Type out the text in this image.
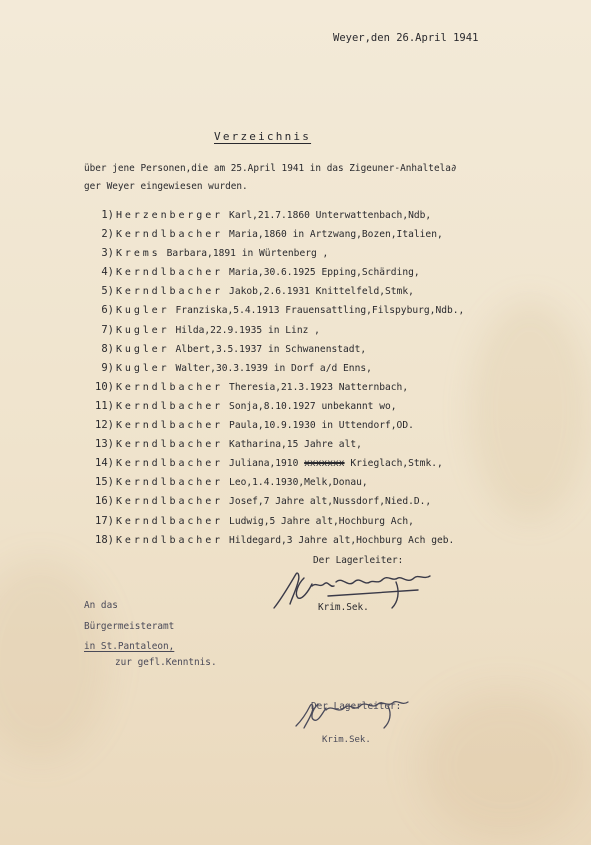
Weyer,den 26.April 1941
Verzeichnis
über jene Personen,die am 25.April 1941 in das Zigeuner-Anhaltela∂
ger Weyer eingewiesen wurden.
1) Herzenberger Karl,21.7.1860 Unterwattenbach,Ndb,
2) Kerndlbacher Maria,1860 in Artzwang,Bozen,Italien,
3) Krems Barbara,1891 in Würtenberg ,
4) Kerndlbacher Maria,30.6.1925 Epping,Schärding,
5) Kerndlbacher Jakob,2.6.1931 Knittelfeld,Stmk,
6) Kugler Franziska,5.4.1913 Frauensattling,Filspyburg,Ndb.,
7) Kugler Hilda,22.9.1935 in Linz ,
8) Kugler Albert,3.5.1937 in Schwanenstadt,
9) Kugler Walter,30.3.1939 in Dorf a/d Enns,
10) Kerndlbacher Theresia,21.3.1923 Natternbach,
11) Kerndlbacher Sonja,8.10.1927 unbekannt wo,
12) Kerndlbacher Paula,10.9.1930 in Uttendorf,OD.
13) Kerndlbacher Katharina,15 Jahre alt,
14) Kerndlbacher Juliana,1910
xxxxxxx
Krieglach,Stmk.,
15) Kerndlbacher Leo,1.4.1930,Melk,Donau,
16) Kerndlbacher Josef,7 Jahre alt,Nussdorf,Nied.D.,
17) Kerndlbacher Ludwig,5 Jahre alt,Hochburg Ach,
18) Kerndlbacher Hildegard,3 Jahre alt,Hochburg Ach geb.
Der Lagerleiter:
Krim.Sek.
An das
Bürgermeisteramt
in St.Pantaleon,
zur gefl.Kenntnis.
Der Lagerleiter:
Krim.Sek.
